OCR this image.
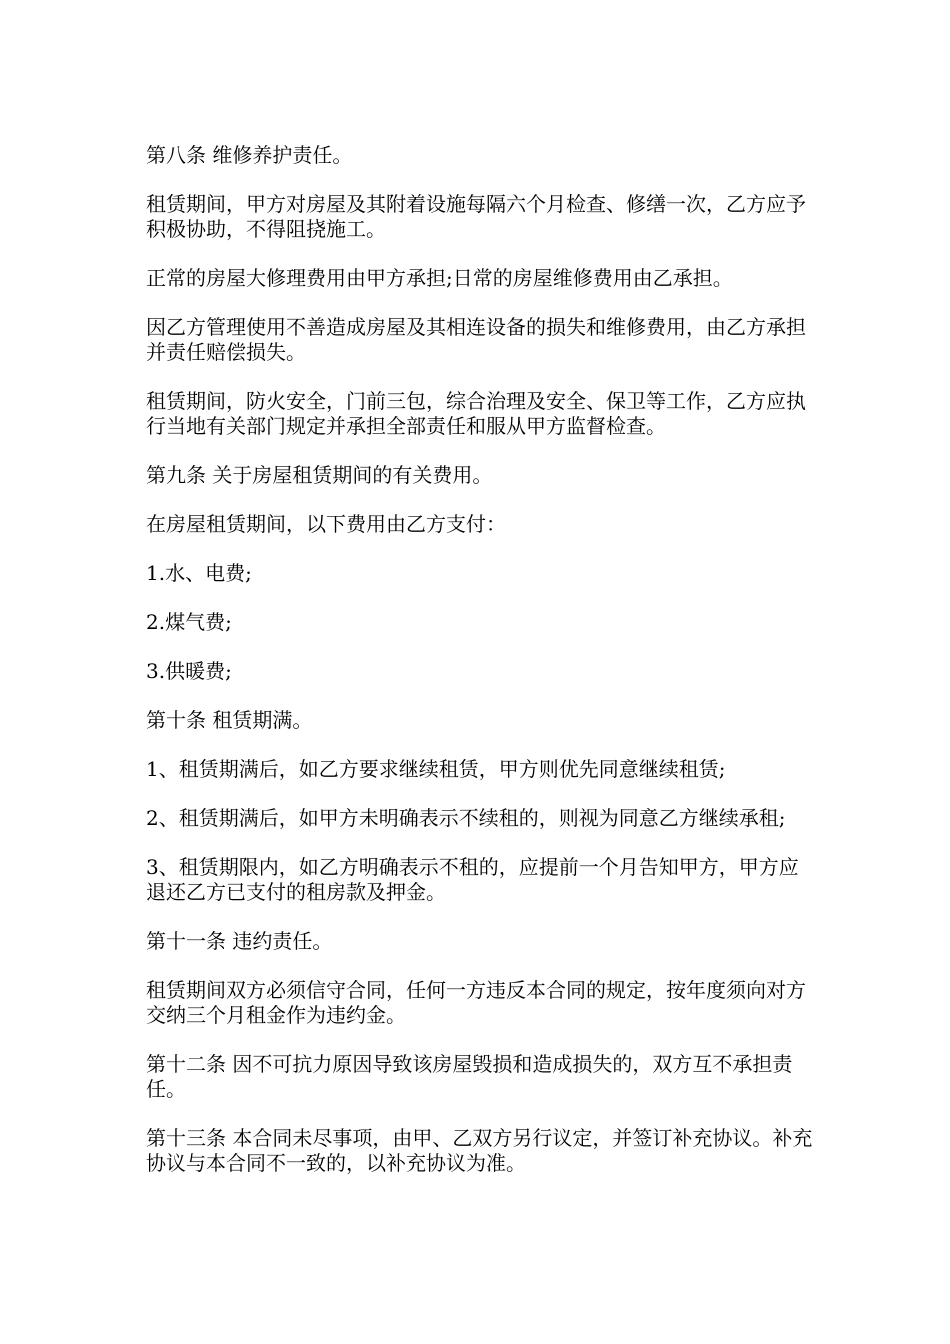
第八条 维修养护责任。

租赁期间，甲方对房屋及其附着设施每隔六个月检查、修缮一次，乙方应予积极协助，不得阻挠施工。

正常的房屋大修理费用由甲方承担;日常的房屋维修费用由乙承担。

因乙方管理使用不善造成房屋及其相连设备的损失和维修费用，由乙方承担并责任赔偿损失。

租赁期间，防火安全，门前三包，综合治理及安全、保卫等工作，乙方应执行当地有关部门规定并承担全部责任和服从甲方监督检查。

第九条 关于房屋租赁期间的有关费用。

在房屋租赁期间，以下费用由乙方支付：

1.水、电费;

2.煤气费;

3.供暖费;

第十条 租赁期满。

1、租赁期满后，如乙方要求继续租赁，甲方则优先同意继续租赁;

2、租赁期满后，如甲方未明确表示不续租的，则视为同意乙方继续承租;

3、租赁期限内，如乙方明确表示不租的，应提前一个月告知甲方，甲方应退还乙方已支付的租房款及押金。

第十一条 违约责任。

租赁期间双方必须信守合同，任何一方违反本合同的规定，按年度须向对方交纳三个月租金作为违约金。

第十二条 因不可抗力原因导致该房屋毁损和造成损失的，双方互不承担责任。

第十三条 本合同未尽事项，由甲、乙双方另行议定，并签订补充协议。补充协议与本合同不一致的，以补充协议为准。
